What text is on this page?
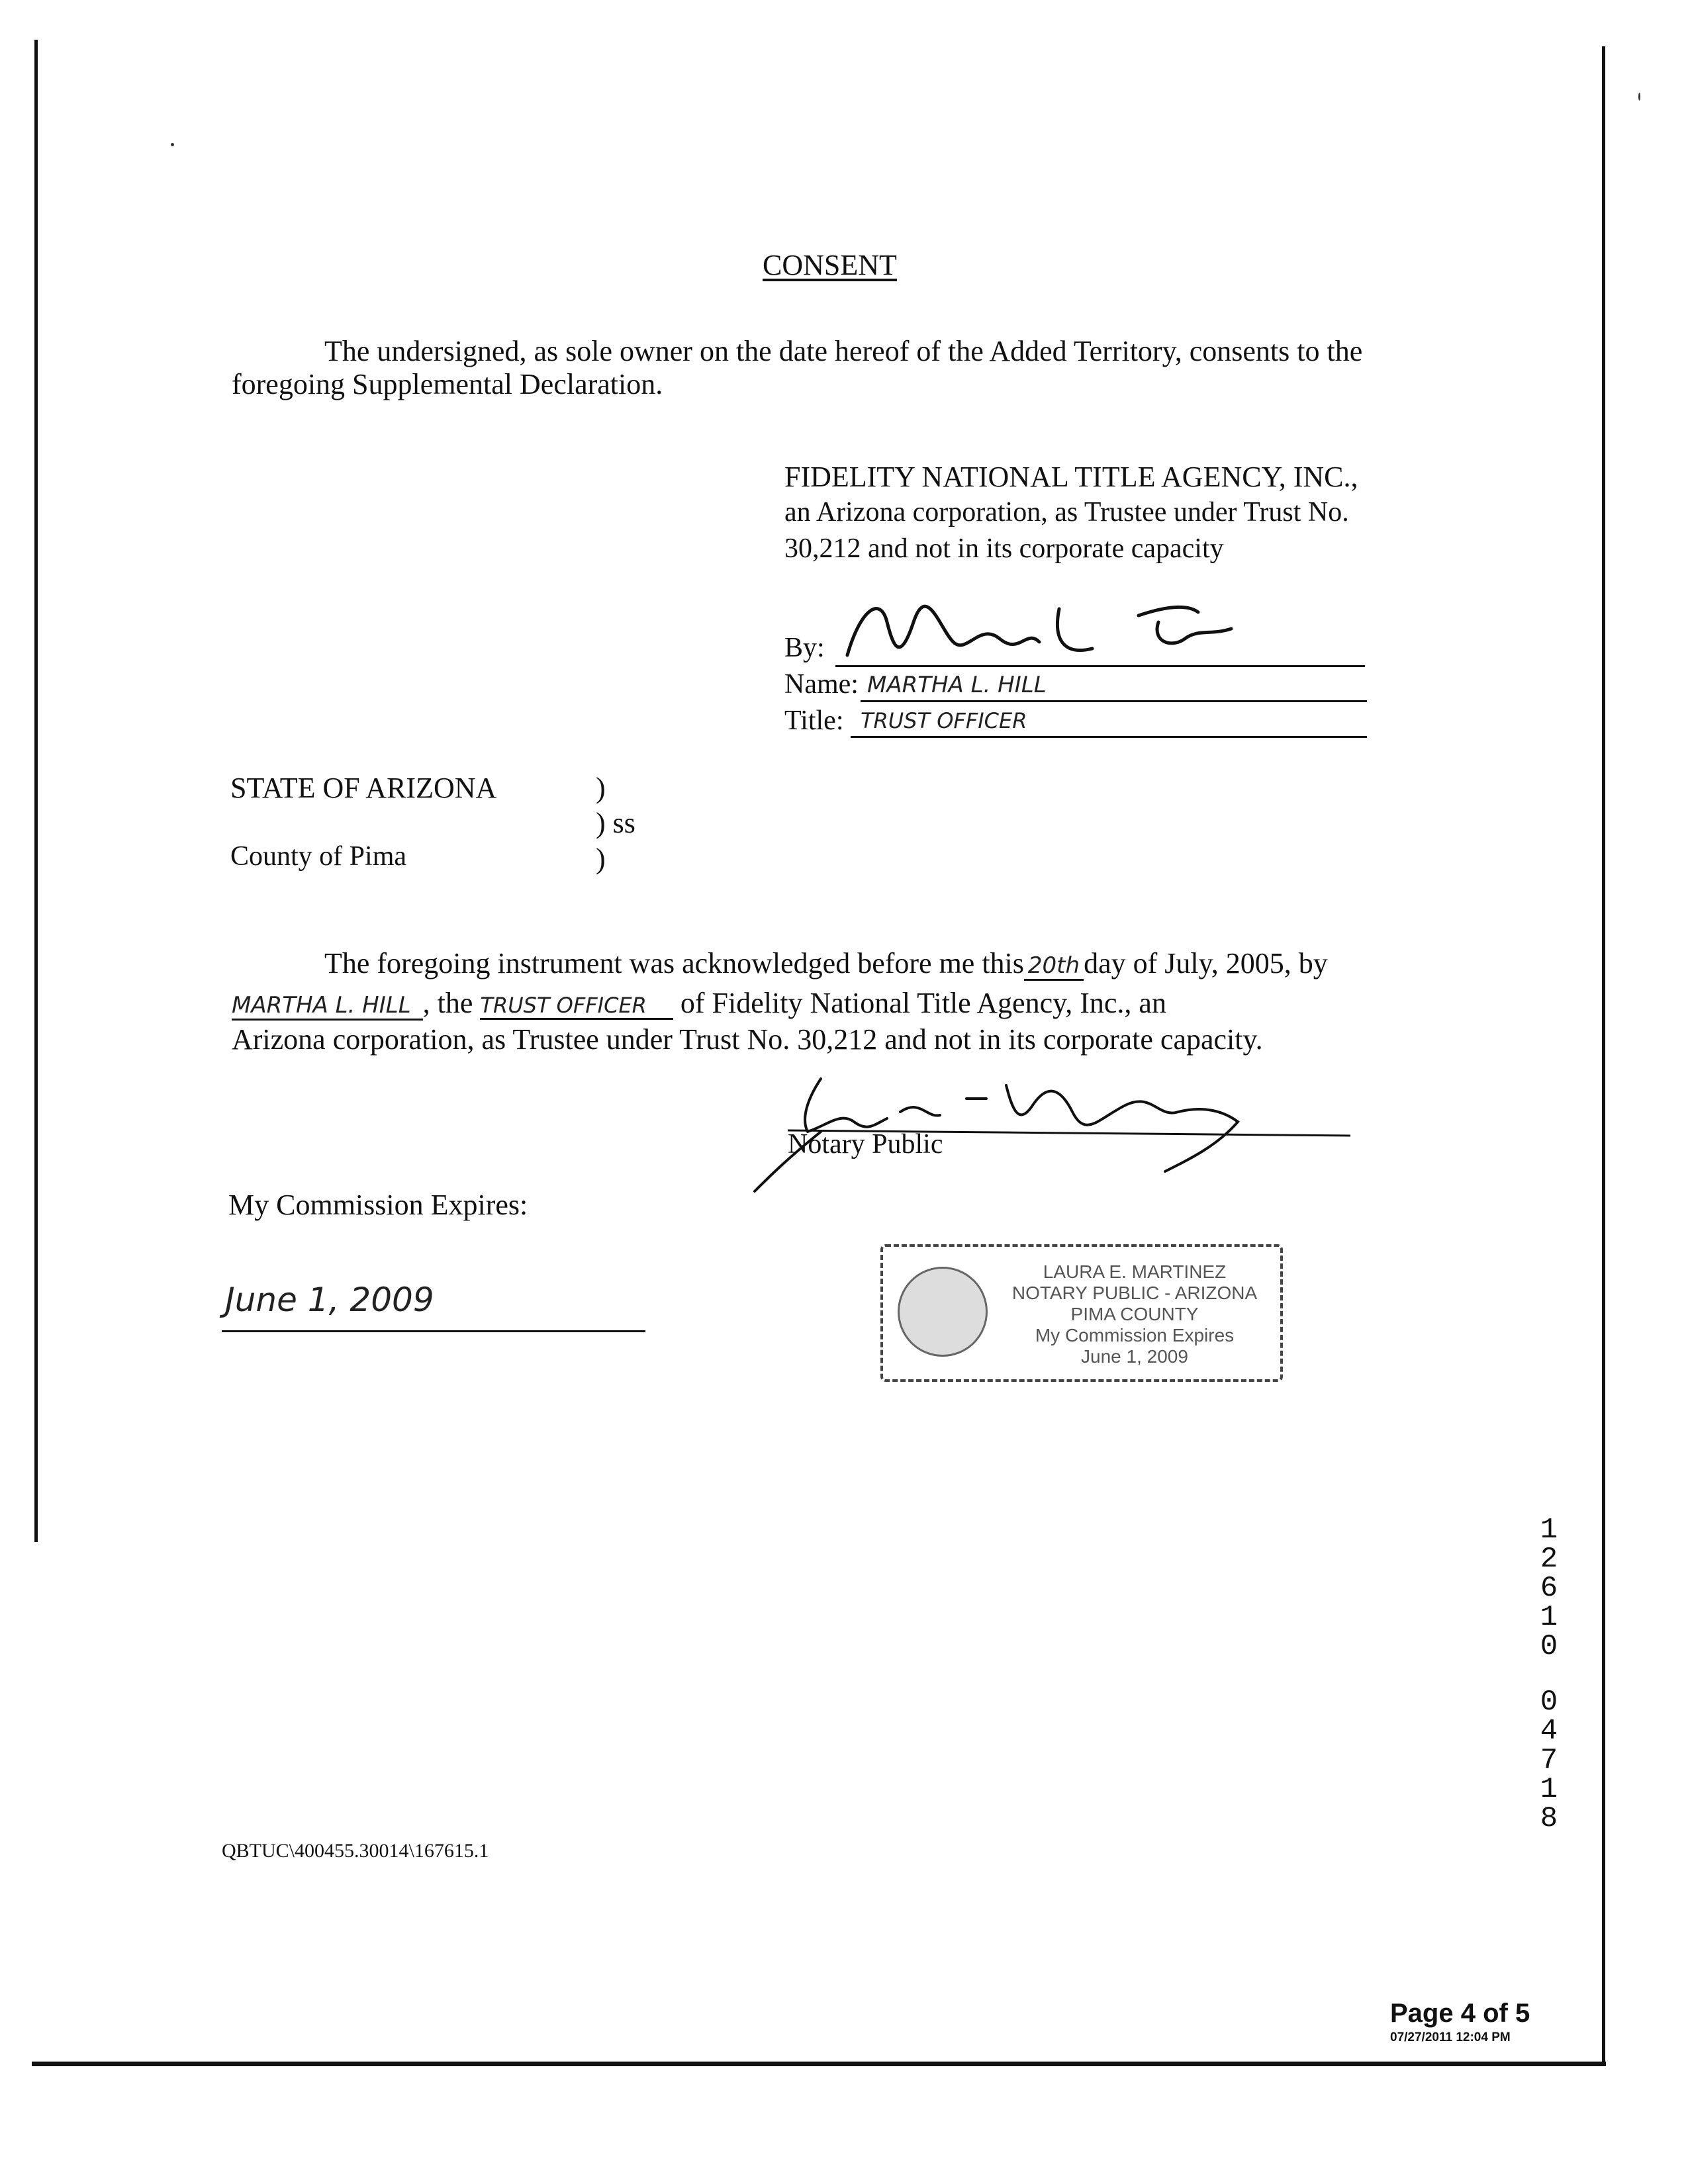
CONSENT
The undersigned, as sole owner on the date hereof of the Added Territory, consents to the
foregoing Supplemental Declaration.
FIDELITY NATIONAL TITLE AGENCY, INC.,
an Arizona corporation, as Trustee under Trust No.
30,212 and not in its corporate capacity
By:
Name: MARTHA L. HILL
Title: TRUST OFFICER
STATE OF ARIZONA	)
) ss
)
County of Pima
The foregoing instrument was acknowledged before me this 20th day of July, 2005, by
MARTHA L. HILL , the TRUST OFFICER of Fidelity National Title Agency, Inc., an
Arizona corporation, as Trustee under Trust No. 30,212 and not in its corporate capacity.
Notary Public
My Commission Expires:
June 1, 2009
LAURA E. MARTINEZ
NOTARY PUBLIC - ARIZONA
PIMA COUNTY
My Commission Expires
June 1, 2009
1
2
6
1
0
0
4
7
1
8
QBTUC\400455.30014\167615.1
Page 4 of 5
07/27/2011 12:04 PM
